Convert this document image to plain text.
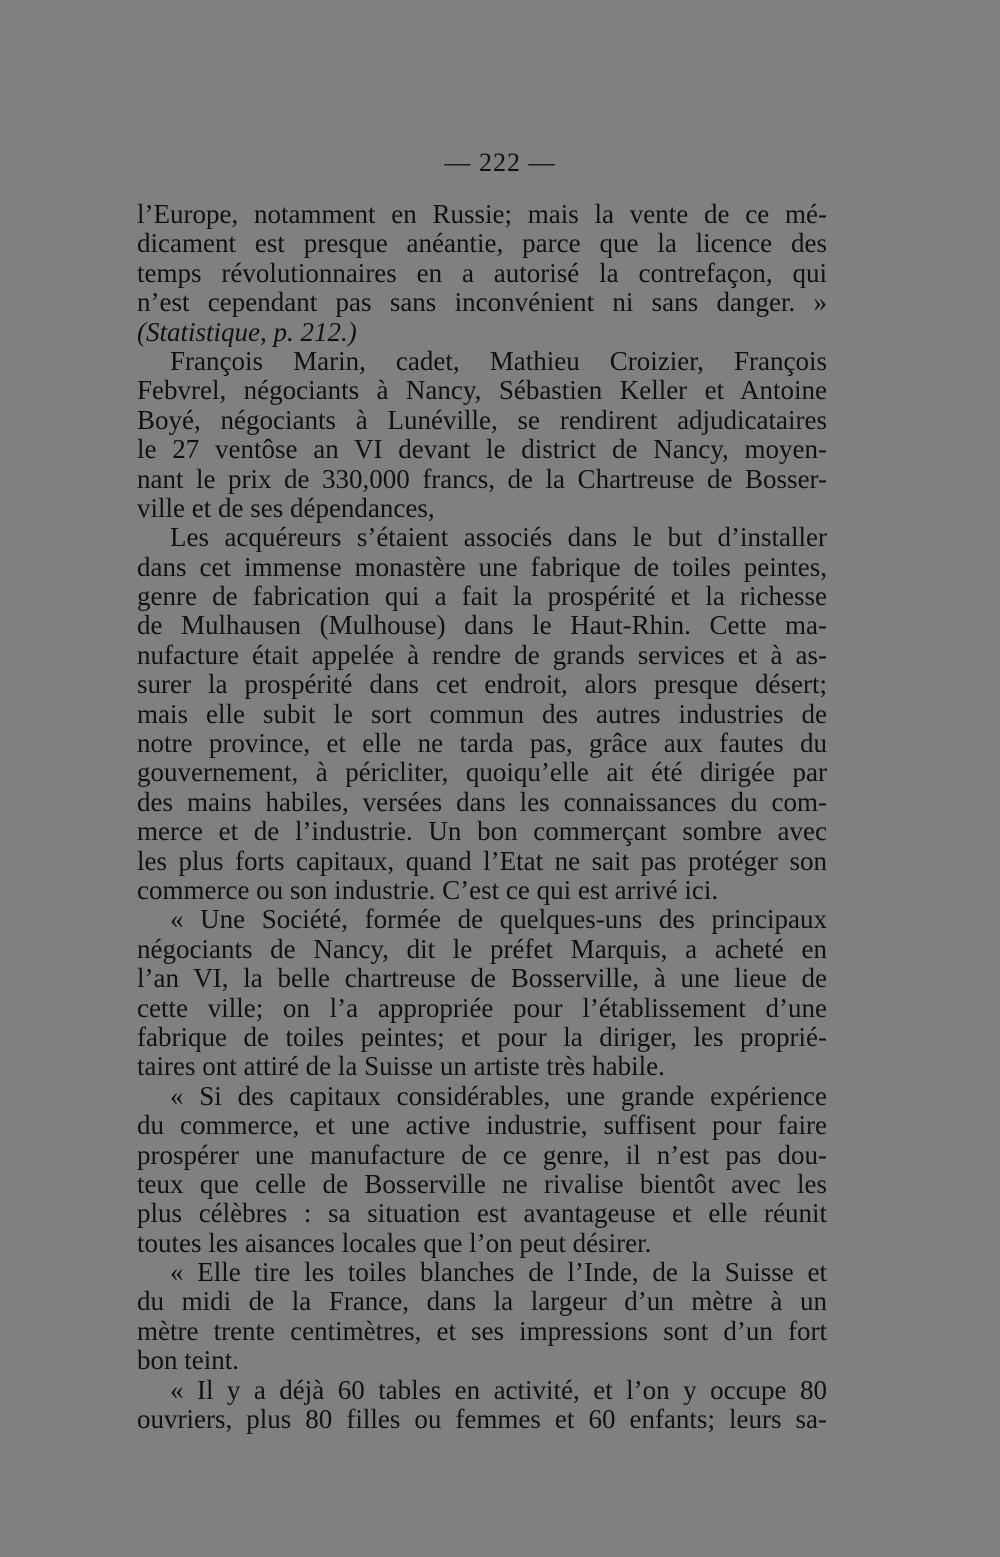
— 222 —
l’Europe, notamment en Russie; mais la vente de ce mé-
dicament est presque anéantie, parce que la licence des
temps révolutionnaires en a autorisé la contrefaçon, qui
n’est cependant pas sans inconvénient ni sans danger. »
(Statistique, p. 212.)
François Marin, cadet, Mathieu Croizier, François
Febvrel, négociants à Nancy, Sébastien Keller et Antoine
Boyé, négociants à Lunéville, se rendirent adjudicataires
le 27 ventôse an VI devant le district de Nancy, moyen-
nant le prix de 330,000 francs, de la Chartreuse de Bosser-
ville et de ses dépendances,
Les acquéreurs s’étaient associés dans le but d’installer
dans cet immense monastère une fabrique de toiles peintes,
genre de fabrication qui a fait la prospérité et la richesse
de Mulhausen (Mulhouse) dans le Haut-Rhin. Cette ma-
nufacture était appelée à rendre de grands services et à as-
surer la prospérité dans cet endroit, alors presque désert;
mais elle subit le sort commun des autres industries de
notre province, et elle ne tarda pas, grâce aux fautes du
gouvernement, à péricliter, quoiqu’elle ait été dirigée par
des mains habiles, versées dans les connaissances du com-
merce et de l’industrie. Un bon commerçant sombre avec
les plus forts capitaux, quand l’Etat ne sait pas protéger son
commerce ou son industrie. C’est ce qui est arrivé ici.
« Une Société, formée de quelques-uns des principaux
négociants de Nancy, dit le préfet Marquis, a acheté en
l’an VI, la belle chartreuse de Bosserville, à une lieue de
cette ville; on l’a appropriée pour l’établissement d’une
fabrique de toiles peintes; et pour la diriger, les proprié-
taires ont attiré de la Suisse un artiste très habile.
« Si des capitaux considérables, une grande expérience
du commerce, et une active industrie, suffisent pour faire
prospérer une manufacture de ce genre, il n’est pas dou-
teux que celle de Bosserville ne rivalise bientôt avec les
plus célèbres : sa situation est avantageuse et elle réunit
toutes les aisances locales que l’on peut désirer.
« Elle tire les toiles blanches de l’Inde, de la Suisse et
du midi de la France, dans la largeur d’un mètre à un
mètre trente centimètres, et ses impressions sont d’un fort
bon teint.
« Il y a déjà 60 tables en activité, et l’on y occupe 80
ouvriers, plus 80 filles ou femmes et 60 enfants; leurs sa-
